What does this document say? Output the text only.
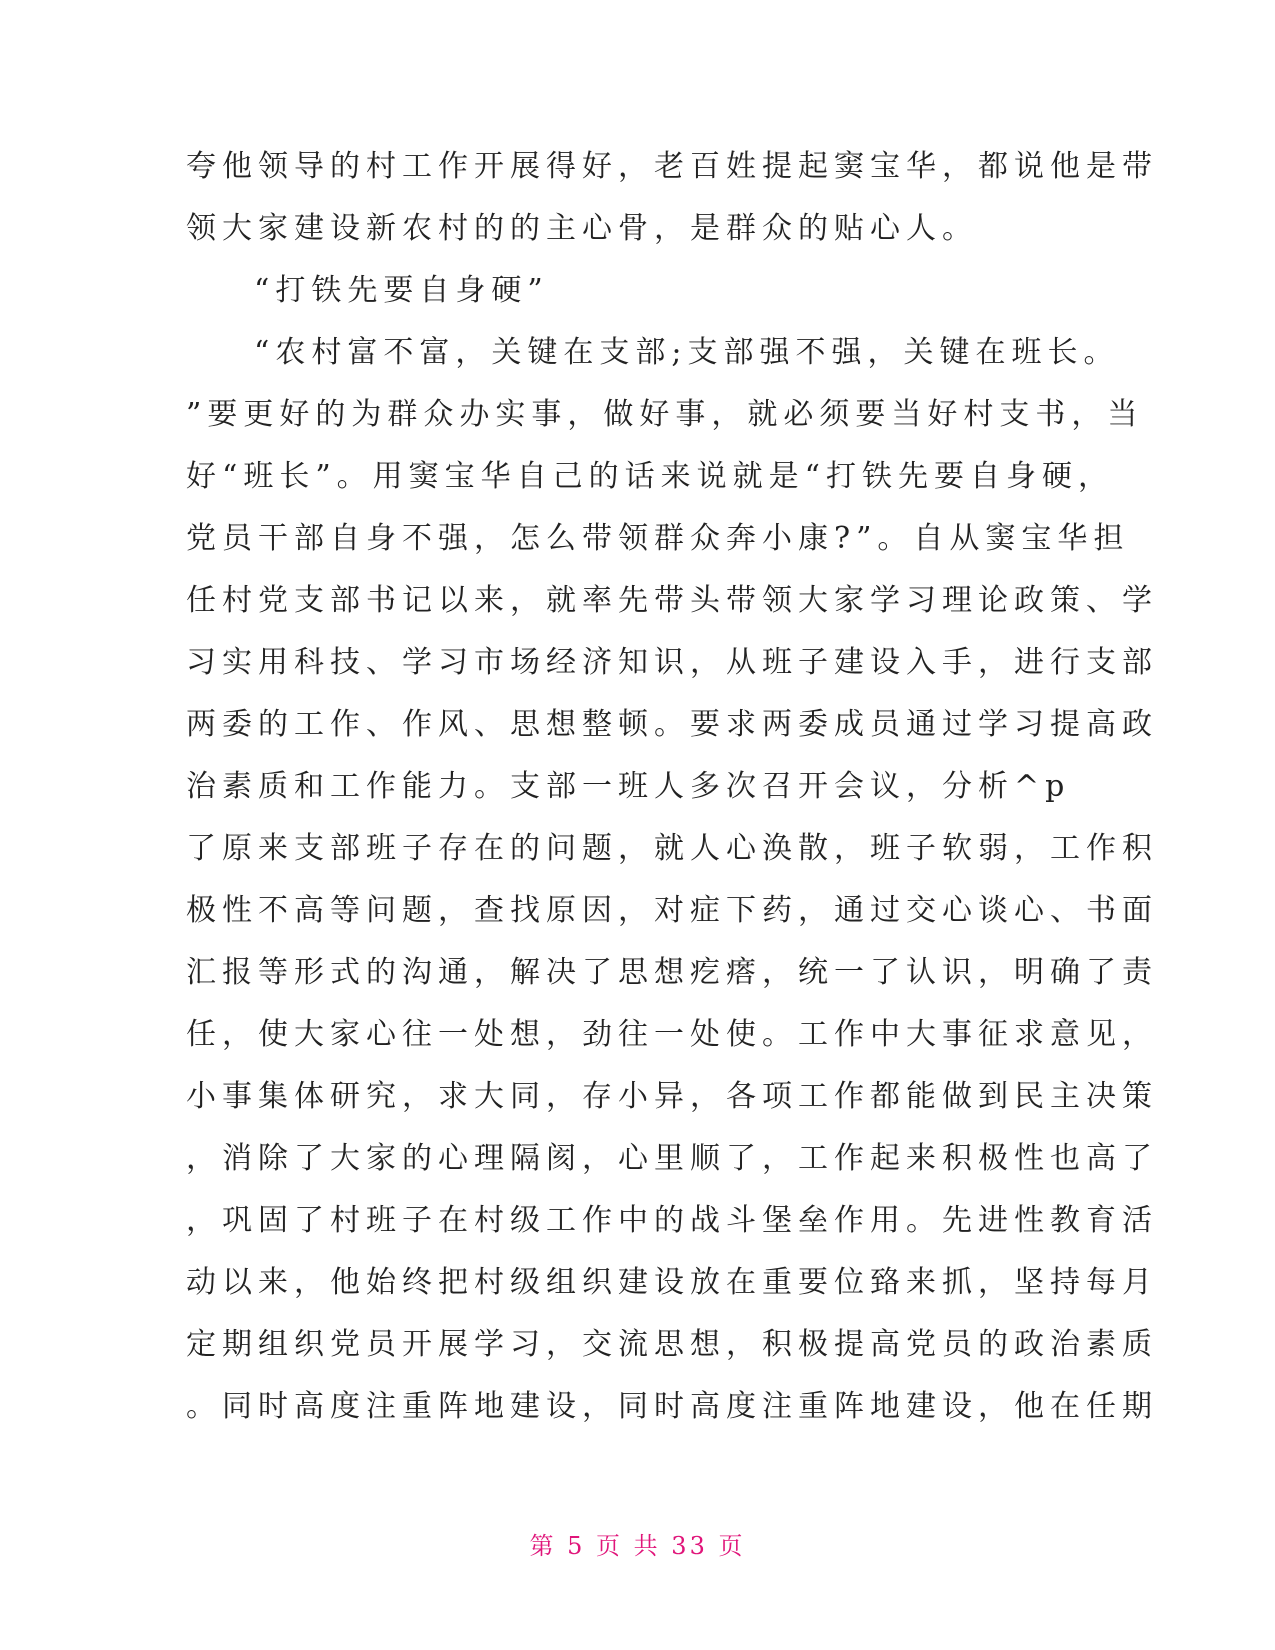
夸他领导的村工作开展得好，老百姓提起窦宝华，都说他是带
领大家建设新农村的的主心骨，是群众的贴心人。
“打铁先要自身硬”
“农村富不富，关键在支部;支部强不强，关键在班长。
”要更好的为群众办实事，做好事，就必须要当好村支书，当
好“班长”。用窦宝华自己的话来说就是“打铁先要自身硬，
党员干部自身不强，怎么带领群众奔小康?”。自从窦宝华担
任村党支部书记以来，就率先带头带领大家学习理论政策、学
习实用科技、学习市场经济知识，从班子建设入手，进行支部
两委的工作、作风、思想整顿。要求两委成员通过学习提高政
治素质和工作能力。支部一班人多次召开会议，分析^p
了原来支部班子存在的问题，就人心涣散，班子软弱，工作积
极性不高等问题，查找原因，对症下药，通过交心谈心、书面
汇报等形式的沟通，解决了思想疙瘩，统一了认识，明确了责
任，使大家心往一处想，劲往一处使。工作中大事征求意见，
小事集体研究，求大同，存小异，各项工作都能做到民主决策
，消除了大家的心理隔阂，心里顺了，工作起来积极性也高了
，巩固了村班子在村级工作中的战斗堡垒作用。先进性教育活
动以来，他始终把村级组织建设放在重要位臵来抓，坚持每月
定期组织党员开展学习，交流思想，积极提高党员的政治素质
。同时高度注重阵地建设，同时高度注重阵地建设，他在任期
第 5 页 共 33 页
